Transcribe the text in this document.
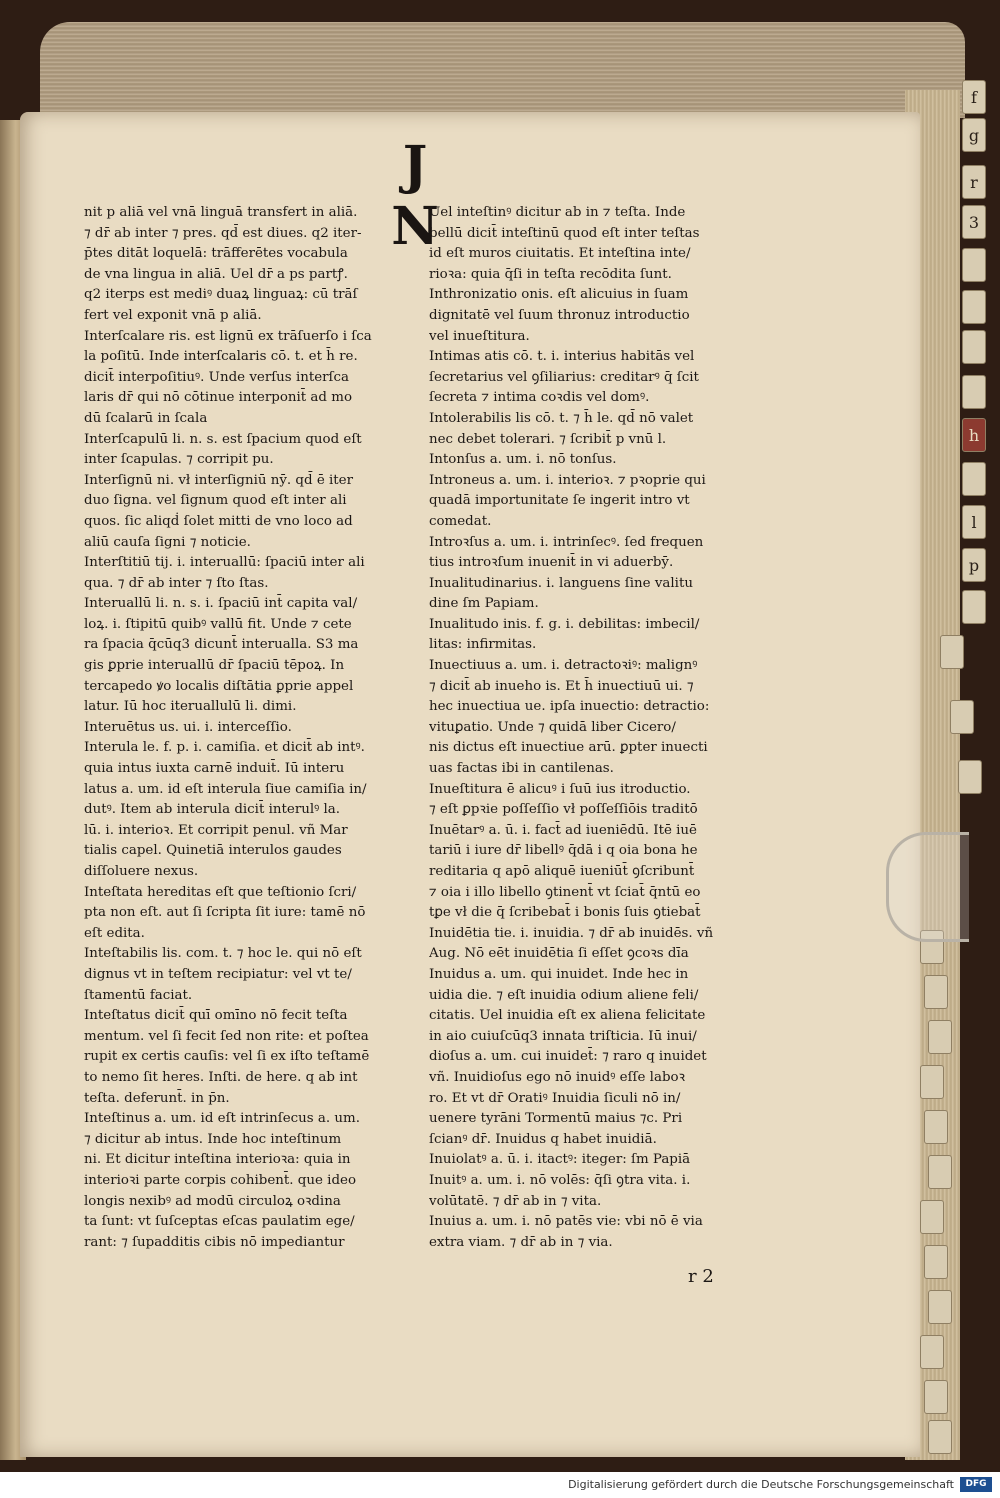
J N
nit p aliā vel vnā linguā transfert in aliā.
⁊ dr̄ ab inter ⁊ pres. qd̄ est diues. q2 iter-
p̄tes ditāt loquelā: trāfferētes vocabula
de vna lingua in aliā. Uel dr̄ a ps partꝭ.
q2 iterps est mediꝰ duaꝝ linguaꝝ: cū trāſ
fert vel exponit vnā p aliā.
Interſcalare ris. est lignū ex trāſuerſo i ſca
la poſitū. Inde interſcalaris cō. t. et h̄ re.
dicit̄ interpoſitiuꝰ. Unde verſus interſca
laris dr̄ qui nō cōtinue interponit̄ ad mo
dū ſcalarū in ſcala
Interſcapulū li. n. s. est ſpacium quod eſt
inter ſcapulas. ⁊ corripit pu.
Interſignū ni. vł interſigniū nȳ. qd̄ ē iter
duo ſigna. vel ſignum quod eſt inter ali
quos. ſic aliqḋ ſolet mitti de vno loco ad
aliū cauſa ſigni ⁊ noticie.
Interſtitiū tij. i. interuallū: ſpaciū inter ali
qua. ⁊ dr̄ ab inter ⁊ ſto ſtas.
Interuallū li. n. s. i. ſpaciū int̄ capita val/
loꝝ. i. ſtipitū quibꝰ vallū fit. Unde ⁊ cete
ra ſpacia q̄cūq3 dicunt̄ interualla. S3 ma
gis ꝑprie interuallū dr̄ ſpaciū tēpoꝝ. In
tercapedo ꝟo localis diſtātia ꝑprie appel
latur. Iū hoc iteruallulū li. dimi.
Interuētus us. ui. i. interceſſio.
Interula le. f. p. i. camiſia. et dicit̄ ab intꝰ.
quia intus iuxta carnē induit̄. Iū interu
latus a. um. id eſt interula ſiue camiſia in/
dutꝰ. Item ab interula dicit̄ interulꝰ la.
lū. i. interioꝛ. Et corripit penul. vñ Mar
tialis capel. Quinetiā interulos gaudes
diſſoluere nexus.
Inteſtata hereditas eſt que teſtionio ſcri/
pta non eſt. aut ſi ſcripta ſit iure: tamē nō
eſt edita.
Inteſtabilis lis. com. t. ⁊ hoc le. qui nō eſt
dignus vt in teſtem recipiatur: vel vt te/
ſtamentū faciat.
Inteſtatus dicit̄ quī omīno nō fecit teſta
mentum. vel ſi fecit ſed non rite: et poſtea
rupit ex certis cauſis: vel ſi ex iſto teſtamē
to nemo ſit heres. Inſti. de here. q ab int
teſta. deferunt̄. in p̄n.
Inteſtinus a. um. id eſt intrinſecus a. um.
⁊ dicitur ab intus. Inde hoc inteſtinum
ni. Et dicitur inteſtina interioꝛa: quia in
interioꝛi parte corpis cohibent̄. que ideo
longis nexibꝰ ad modū circuloꝝ oꝛdina
ta ſunt: vt ſuſceptas eſcas paulatim ege/
rant: ⁊ ſupadditis cibis nō impediantur
Uel inteſtinꝰ dicitur ab in ⁊ teſta. Inde
bellū dicit̄ inteſtinū quod eſt inter teſtas
id eſt muros ciuitatis. Et inteſtina inte/
rioꝛa: quia q̄ſi in teſta recōdita ſunt.
Inthronizatio onis. eſt alicuius in ſuam
dignitatē vel ſuum thronuz introductio
vel inueſtitura.
Intimas atis cō. t. i. interius habitās vel
ſecretarius vel ꝯſiliarius: creditarꝰ q̄ ſcit
ſecreta ⁊ intima coꝛdis vel domꝰ.
Intolerabilis lis cō. t. ⁊ h̄ le. qd̄ nō valet
nec debet tolerari. ⁊ ſcribit̄ p vnū l.
Intonſus a. um. i. nō tonſus.
Introneus a. um. i. interioꝛ. ⁊ pꝛoprie qui
quadā importunitate ſe ingerit intro vt
comedat.
Introꝛſus a. um. i. intrinſecꝰ. ſed frequen
tius introꝛſum inuenit̄ in vi aduerbȳ.
Inualitudinarius. i. languens ſine valitu
dine ſm Papiam.
Inualitudo inis. f. g. i. debilitas: imbecil/
litas: infirmitas.
Inuectiuus a. um. i. detractoꝛiꝰ: malignꝰ
⁊ dicit̄ ab inueho is. Et h̄ inuectiuū ui. ⁊
hec inuectiua ue. ipſa inuectio: detractio:
vituꝑatio. Unde ⁊ quidā liber Cicero/
nis dictus eſt inuectiue arū. ꝑpter inuecti
uas factas ibi in cantilenas.
Inueſtitura ē alicuꝰ i ſuū ius itroductio.
⁊ eſt ꝑpꝛie poſſeſſio vł poſſeſſiōis traditō
Inuētarꝰ a. ū. i. fact̄ ad iueniēdū. Itē iuē
tariū i iure dr̄ libellꝰ q̄dā i q oia bona he
reditaria q apō aliquē iueniūt̄ ꝯſcribunt̄
⁊ oia i illo libello ꝯtinent̄ vt ſciat̄ q̄ntū eo
tꝑe vł die q̄ ſcribebat̄ i bonis ſuis ꝯtiebat̄
Inuidētia tie. i. inuidia. ⁊ dr̄ ab inuidēs. vñ
Aug. Nō eēt inuidētia ſi eſſet ꝯcoꝛs dīa
Inuidus a. um. qui inuidet. Inde hec in
uidia die. ⁊ eſt inuidia odium aliene feli/
citatis. Uel inuidia eſt ex aliena felicitate
in aio cuiuſcūq3 innata triſticia. Iū inui/
dioſus a. um. cui inuidet̄: ⁊ raro q inuidet
vñ. Inuidioſus ego nō inuidꝰ eſſe laboꝛ
ro. Et vt dr̄ Oratiꝰ Inuidia ſiculi nō in/
uenere tyrāni Tormentū maius ⁊c. Pri
ſcianꝰ dr̄. Inuidus q habet inuidiā.
Inuiolatꝰ a. ū. i. itactꝰ: iteger: ſm Papiā
Inuitꝰ a. um. i. nō volēs: q̄ſi ꝯtra vita. i.
volūtatē. ⁊ dr̄ ab in ⁊ vita.
Inuius a. um. i. nō patēs vie: vbi nō ē via
extra viam. ⁊ dr̄ ab in ⁊ via.
r 2
f
g
r
3
h
l
p
Digitalisierung gefördert durch die Deutsche Forschungsgemeinschaft	DFG
